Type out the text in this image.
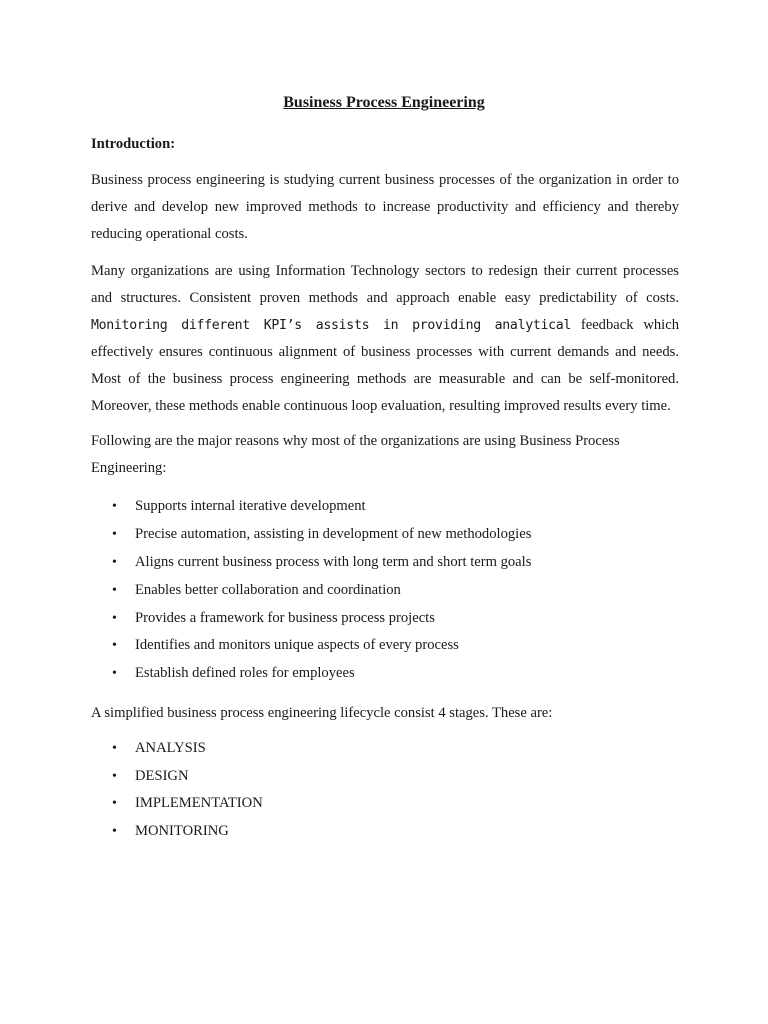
Business Process Engineering
Introduction:

Business process engineering is studying current business processes of the organization in order to derive and develop new improved methods to increase productivity and efficiency and thereby reducing operational costs.

Many organizations are using Information Technology sectors to redesign their current processes and structures. Consistent proven methods and approach enable easy predictability of costs. Monitoring different KPI’s assists in providing analytical feedback which effectively ensures continuous alignment of business processes with current demands and needs. Most of the business process engineering methods are measurable and can be self-monitored. Moreover, these methods enable continuous loop evaluation, resulting improved results every time.

Following are the major reasons why most of the organizations are using Business Process Engineering:

• Supports internal iterative development
• Precise automation, assisting in development of new methodologies
• Aligns current business process with long term and short term goals
• Enables better collaboration and coordination
• Provides a framework for business process projects
• Identifies and monitors unique aspects of every process
• Establish defined roles for employees

A simplified business process engineering lifecycle consist 4 stages. These are:

• ANALYSIS
• DESIGN
• IMPLEMENTATION
• MONITORING
